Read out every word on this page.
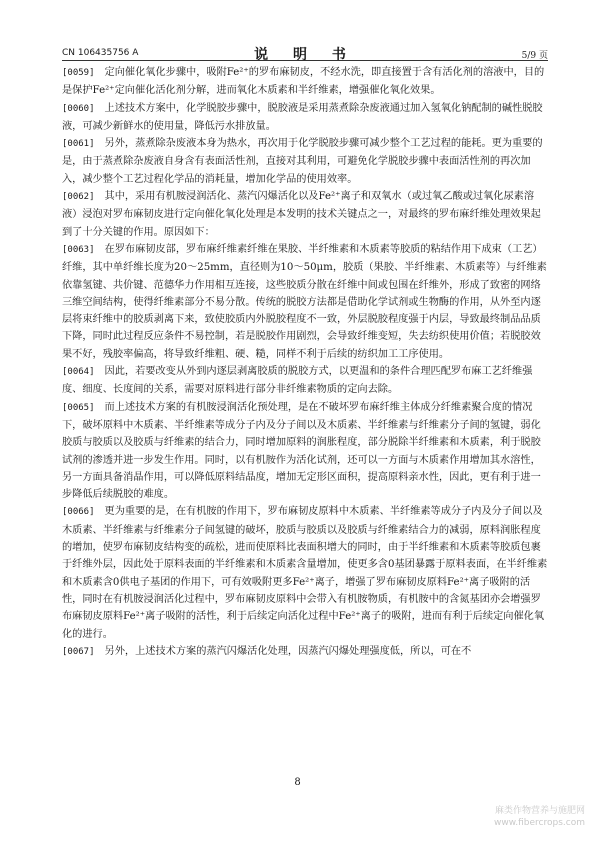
CN 106435756 A	说 明 书	5/9 页

[0059] 定向催化氧化步骤中，吸附Fe²⁺的罗布麻韧皮，不经水洗，即直接置于含有活化剂的溶液中，目的是保护Fe²⁺定向催化活化剂分解，进而氧化木质素和半纤维素，增强催化氧化效果。

[0060] 上述技术方案中，化学脱胶步骤中，脱胶液是采用蒸煮除杂废液通过加入氢氧化钠配制的碱性脱胶液，可减少新鲜水的使用量，降低污水排放量。

[0061] 另外，蒸煮除杂废液本身为热水，再次用于化学脱胶步骤可减少整个工艺过程的能耗。更为重要的是，由于蒸煮除杂废液自身含有表面活性剂，直接对其利用，可避免化学脱胶步骤中表面活性剂的再次加入，减少整个工艺过程化学品的消耗量，增加化学品的使用效率。

[0062] 其中，采用有机胺浸润活化、蒸汽闪爆活化以及Fe²⁺离子和双氧水（或过氧乙酸或过氧化尿素溶液）浸泡对罗布麻韧皮进行定向催化氧化处理是本发明的技术关键点之一，对最终的罗布麻纤维处理效果起到了十分关键的作用。原因如下：

[0063] 在罗布麻韧皮部，罗布麻纤维素纤维在果胶、半纤维素和木质素等胶质的粘结作用下成束（工艺）纤维，其中单纤维长度为20～25mm，直径则为10～50μm，胶质（果胶、半纤维素、木质素等）与纤维素依靠氢键、共价键、范德华力作用相互连接，这些胶质分散在纤维中间或包围在纤维外，形成了致密的网络三维空间结构，使得纤维素部分不易分散。传统的脱胶方法都是借助化学试剂或生物酶的作用，从外至内逐层将束纤维中的胶质剥离下来，致使胶质内外脱胶程度不一致，外层脱胶程度强于内层，导致最终制品品质下降，同时此过程反应条件不易控制，若是脱胶作用剧烈，会导致纤维变短，失去纺织使用价值；若脱胶效果不好，残胶率偏高，将导致纤维粗、硬、糙，同样不利于后续的纺织加工工序使用。

[0064] 因此，若要改变从外到内逐层剥离胶质的脱胶方式，以更温和的条件合理匹配罗布麻工艺纤维强度、细度、长度间的关系，需要对原料进行部分非纤维素物质的定向去除。

[0065] 而上述技术方案的有机胺浸润活化预处理，是在不破坏罗布麻纤维主体成分纤维素聚合度的情况下，破坏原料中木质素、半纤维素等成分子内及分子间以及木质素、半纤维素与纤维素分子间的氢键，弱化胶质与胶质以及胶质与纤维素的结合力，同时增加原料的润胀程度，部分脱除半纤维素和木质素，利于脱胶试剂的渗透并进一步发生作用。同时，以有机胺作为活化试剂，还可以一方面与木质素作用增加其水溶性，另一方面具备消晶作用，可以降低原料结晶度，增加无定形区面积，提高原料亲水性，因此，更有利于进一步降低后续脱胶的难度。

[0066] 更为重要的是，在有机胺的作用下，罗布麻韧皮原料中木质素、半纤维素等成分子内及分子间以及木质素、半纤维素与纤维素分子间氢键的破坏，胶质与胶质以及胶质与纤维素结合力的减弱，原料润胀程度的增加，使罗布麻韧皮结构变的疏松，进而使原料比表面积增大的同时，由于半纤维素和木质素等胶质包裹于纤维外层，因此处于原料表面的半纤维素和木质素含量增加，使更多含0基团暴露于原料表面，在半纤维素和木质素含0供电子基团的作用下，可有效吸附更多Fe²⁺离子，增强了罗布麻韧皮原料Fe²⁺离子吸附的活性，同时在有机胺浸润活化过程中，罗布麻韧皮原料中会带入有机胺物质，有机胺中的含氮基团亦会增强罗布麻韧皮原料Fe²⁺离子吸附的活性，利于后续定向活化过程中Fe²⁺离子的吸附，进而有利于后续定向催化氧化的进行。

[0067] 另外，上述技术方案的蒸汽闪爆活化处理，因蒸汽闪爆处理强度低，所以，可在不

8
麻类作物营养与施肥网
www.fibercrops.com
